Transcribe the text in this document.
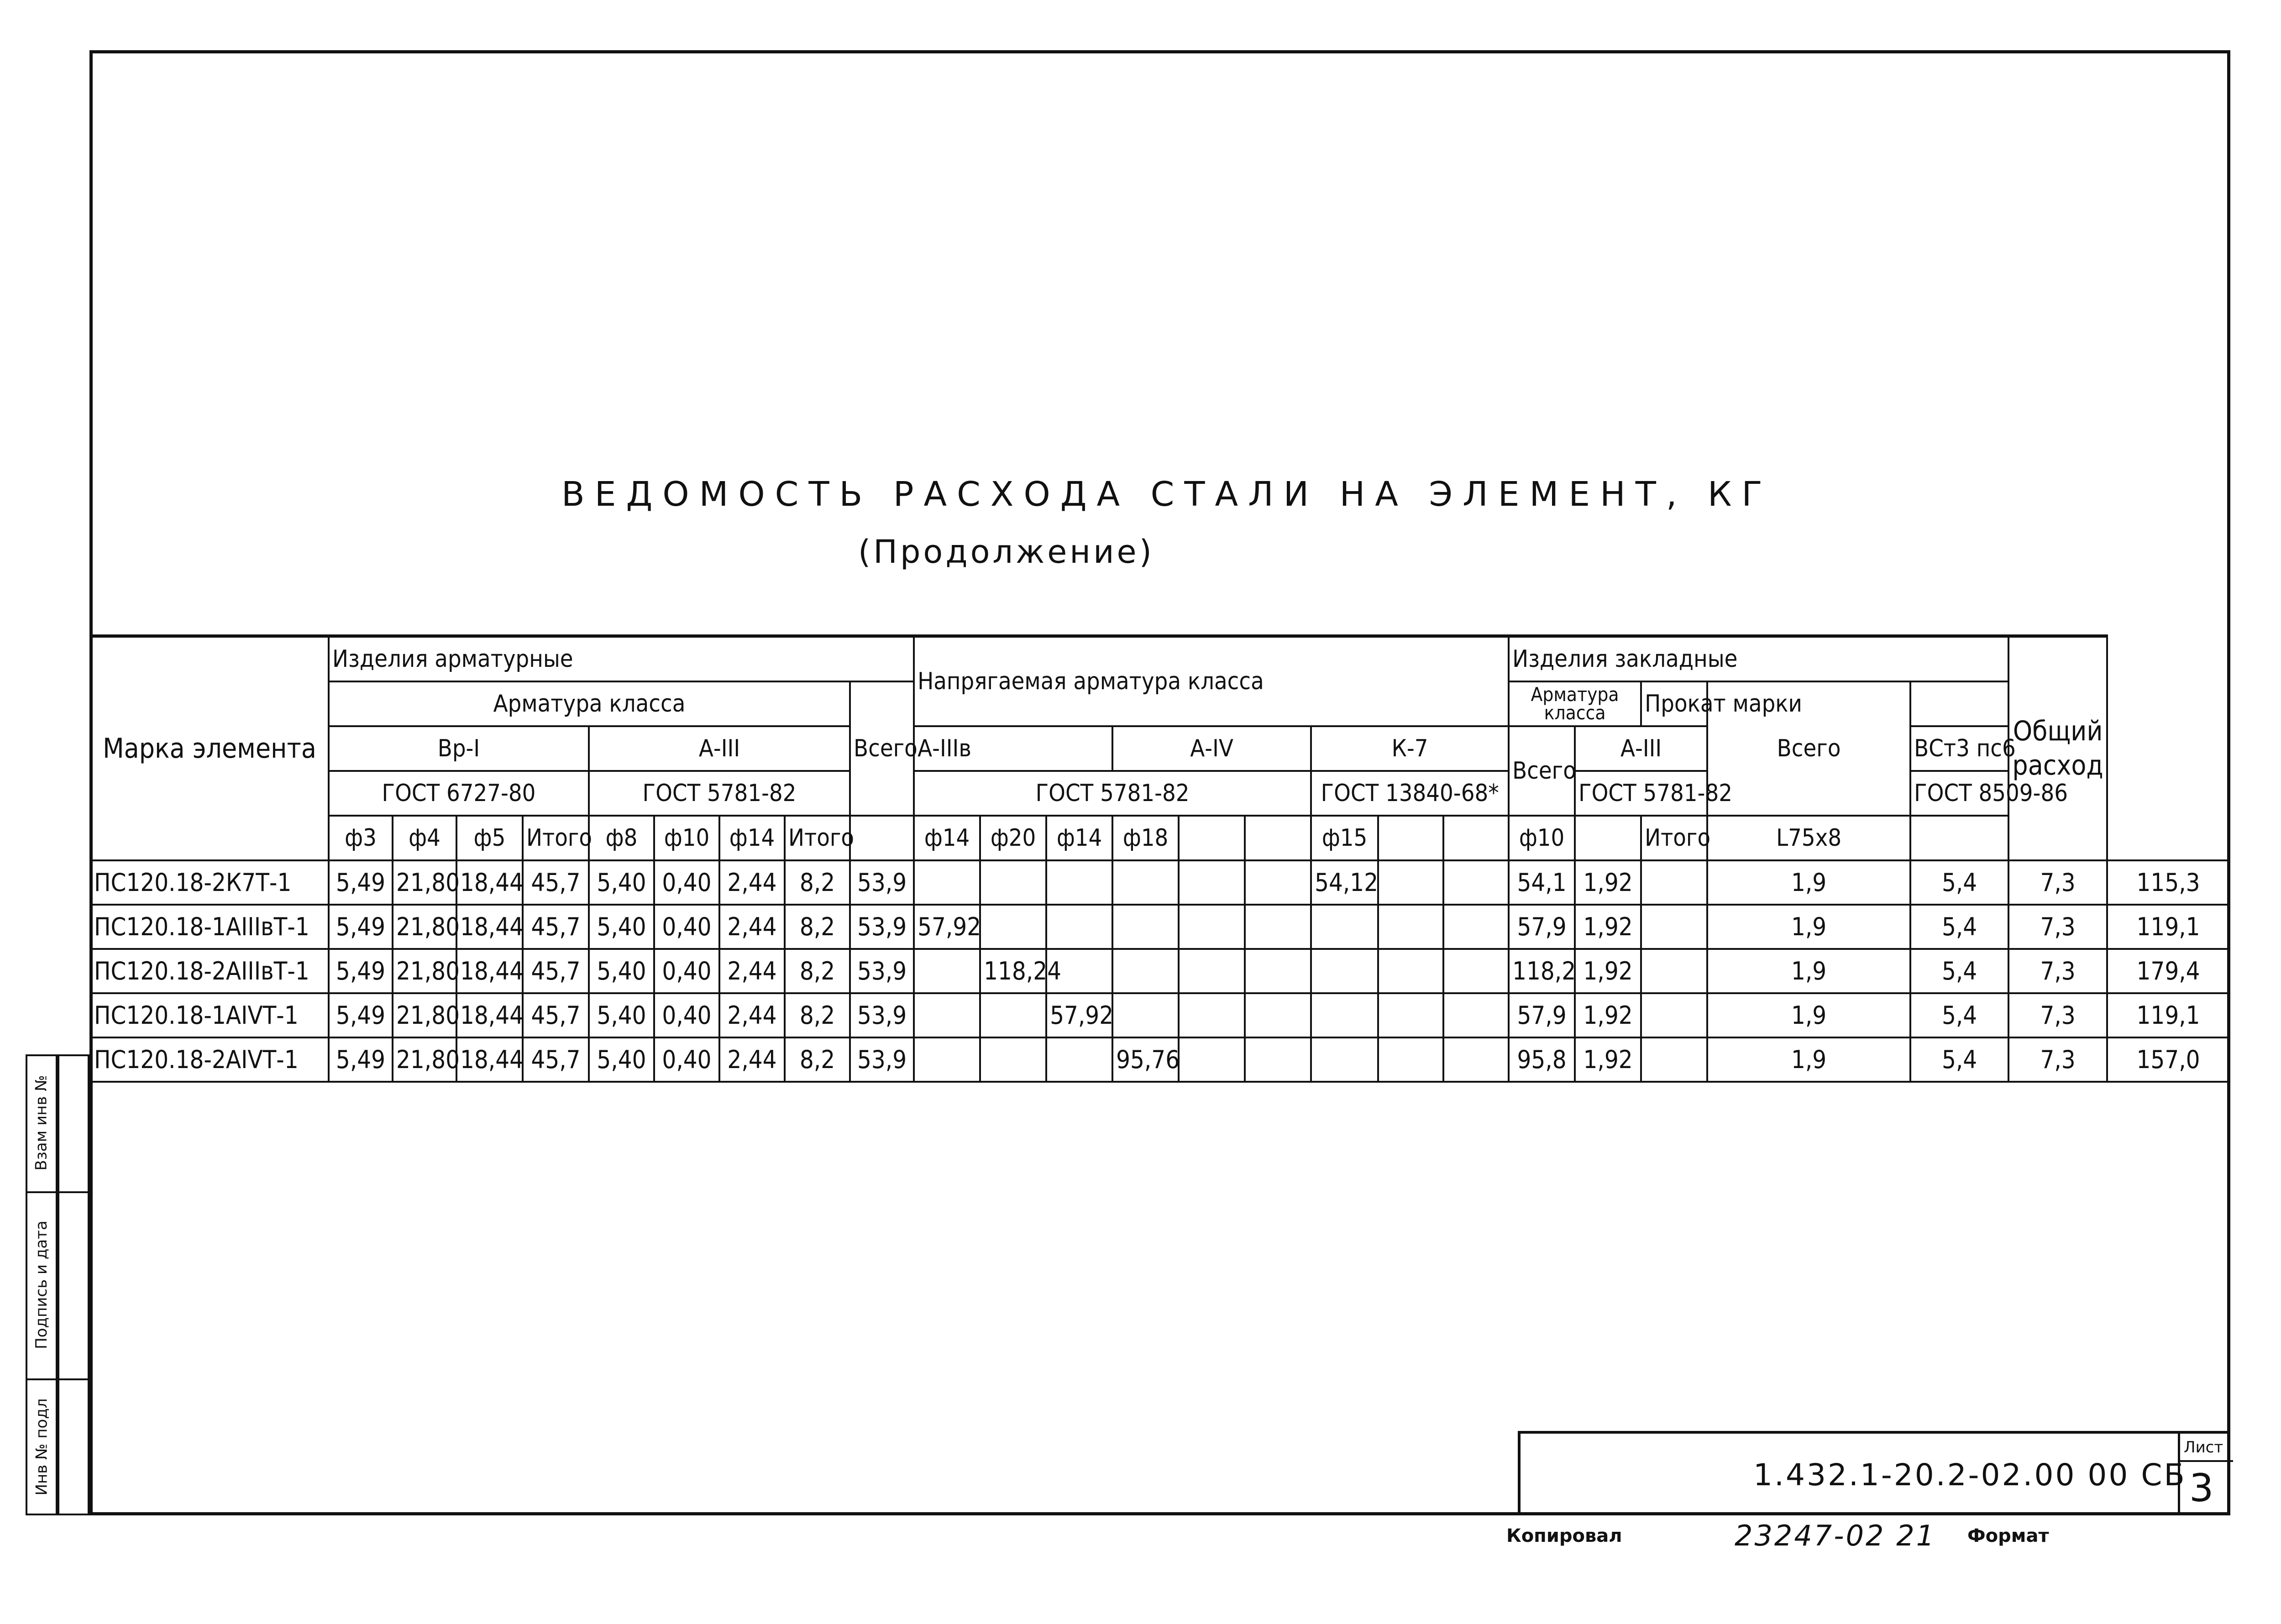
ВЕДОМОСТЬ РАСХОДА СТАЛИ НА ЭЛЕМЕНТ, КГ
(Продолжение)
Марка элемента	Изделия арматурные									Напрягаемая арматура класса									Изделия закладные					Общий расход	
	Арматура класса								Всего										Арматура класса		Прокат марки	Всего			
	Вр-I				А-III					А-IIIв			А-IV			К-7			Всего	А-III			ВСт3 пс6		
	ГОСТ 6727-80				ГОСТ 5781-82					ГОСТ 5781-82						ГОСТ 13840-68*				ГОСТ 5781-82			ГОСТ 8509-86		
	ф3	ф4	ф5	Итого	ф8	ф10	ф14	Итого		ф14	ф20	ф14	ф18			ф15			ф10		Итого	L75х8			
ПС120.18-2К7Т-1	5,49	21,80	18,44	45,7	5,40	0,40	2,44	8,2	53,9							54,12			54,1	1,92		1,9	5,4	7,3	115,3
ПС120.18-1АIIIвТ-1	5,49	21,80	18,44	45,7	5,40	0,40	2,44	8,2	53,9	57,92									57,9	1,92		1,9	5,4	7,3	119,1
ПС120.18-2АIIIвТ-1	5,49	21,80	18,44	45,7	5,40	0,40	2,44	8,2	53,9		118,24								118,2	1,92		1,9	5,4	7,3	179,4
ПС120.18-1АIVТ-1	5,49	21,80	18,44	45,7	5,40	0,40	2,44	8,2	53,9			57,92							57,9	1,92		1,9	5,4	7,3	119,1
ПС120.18-2АIVТ-1	5,49	21,80	18,44	45,7	5,40	0,40	2,44	8,2	53,9				95,76						95,8	1,92		1,9	5,4	7,3	157,0
Взам инв №
Подпись и дата
Инв № подл	1.432.1-20.2-02.00 00 СБ
Лист
3
Копировал	23247-02 21 Формат
